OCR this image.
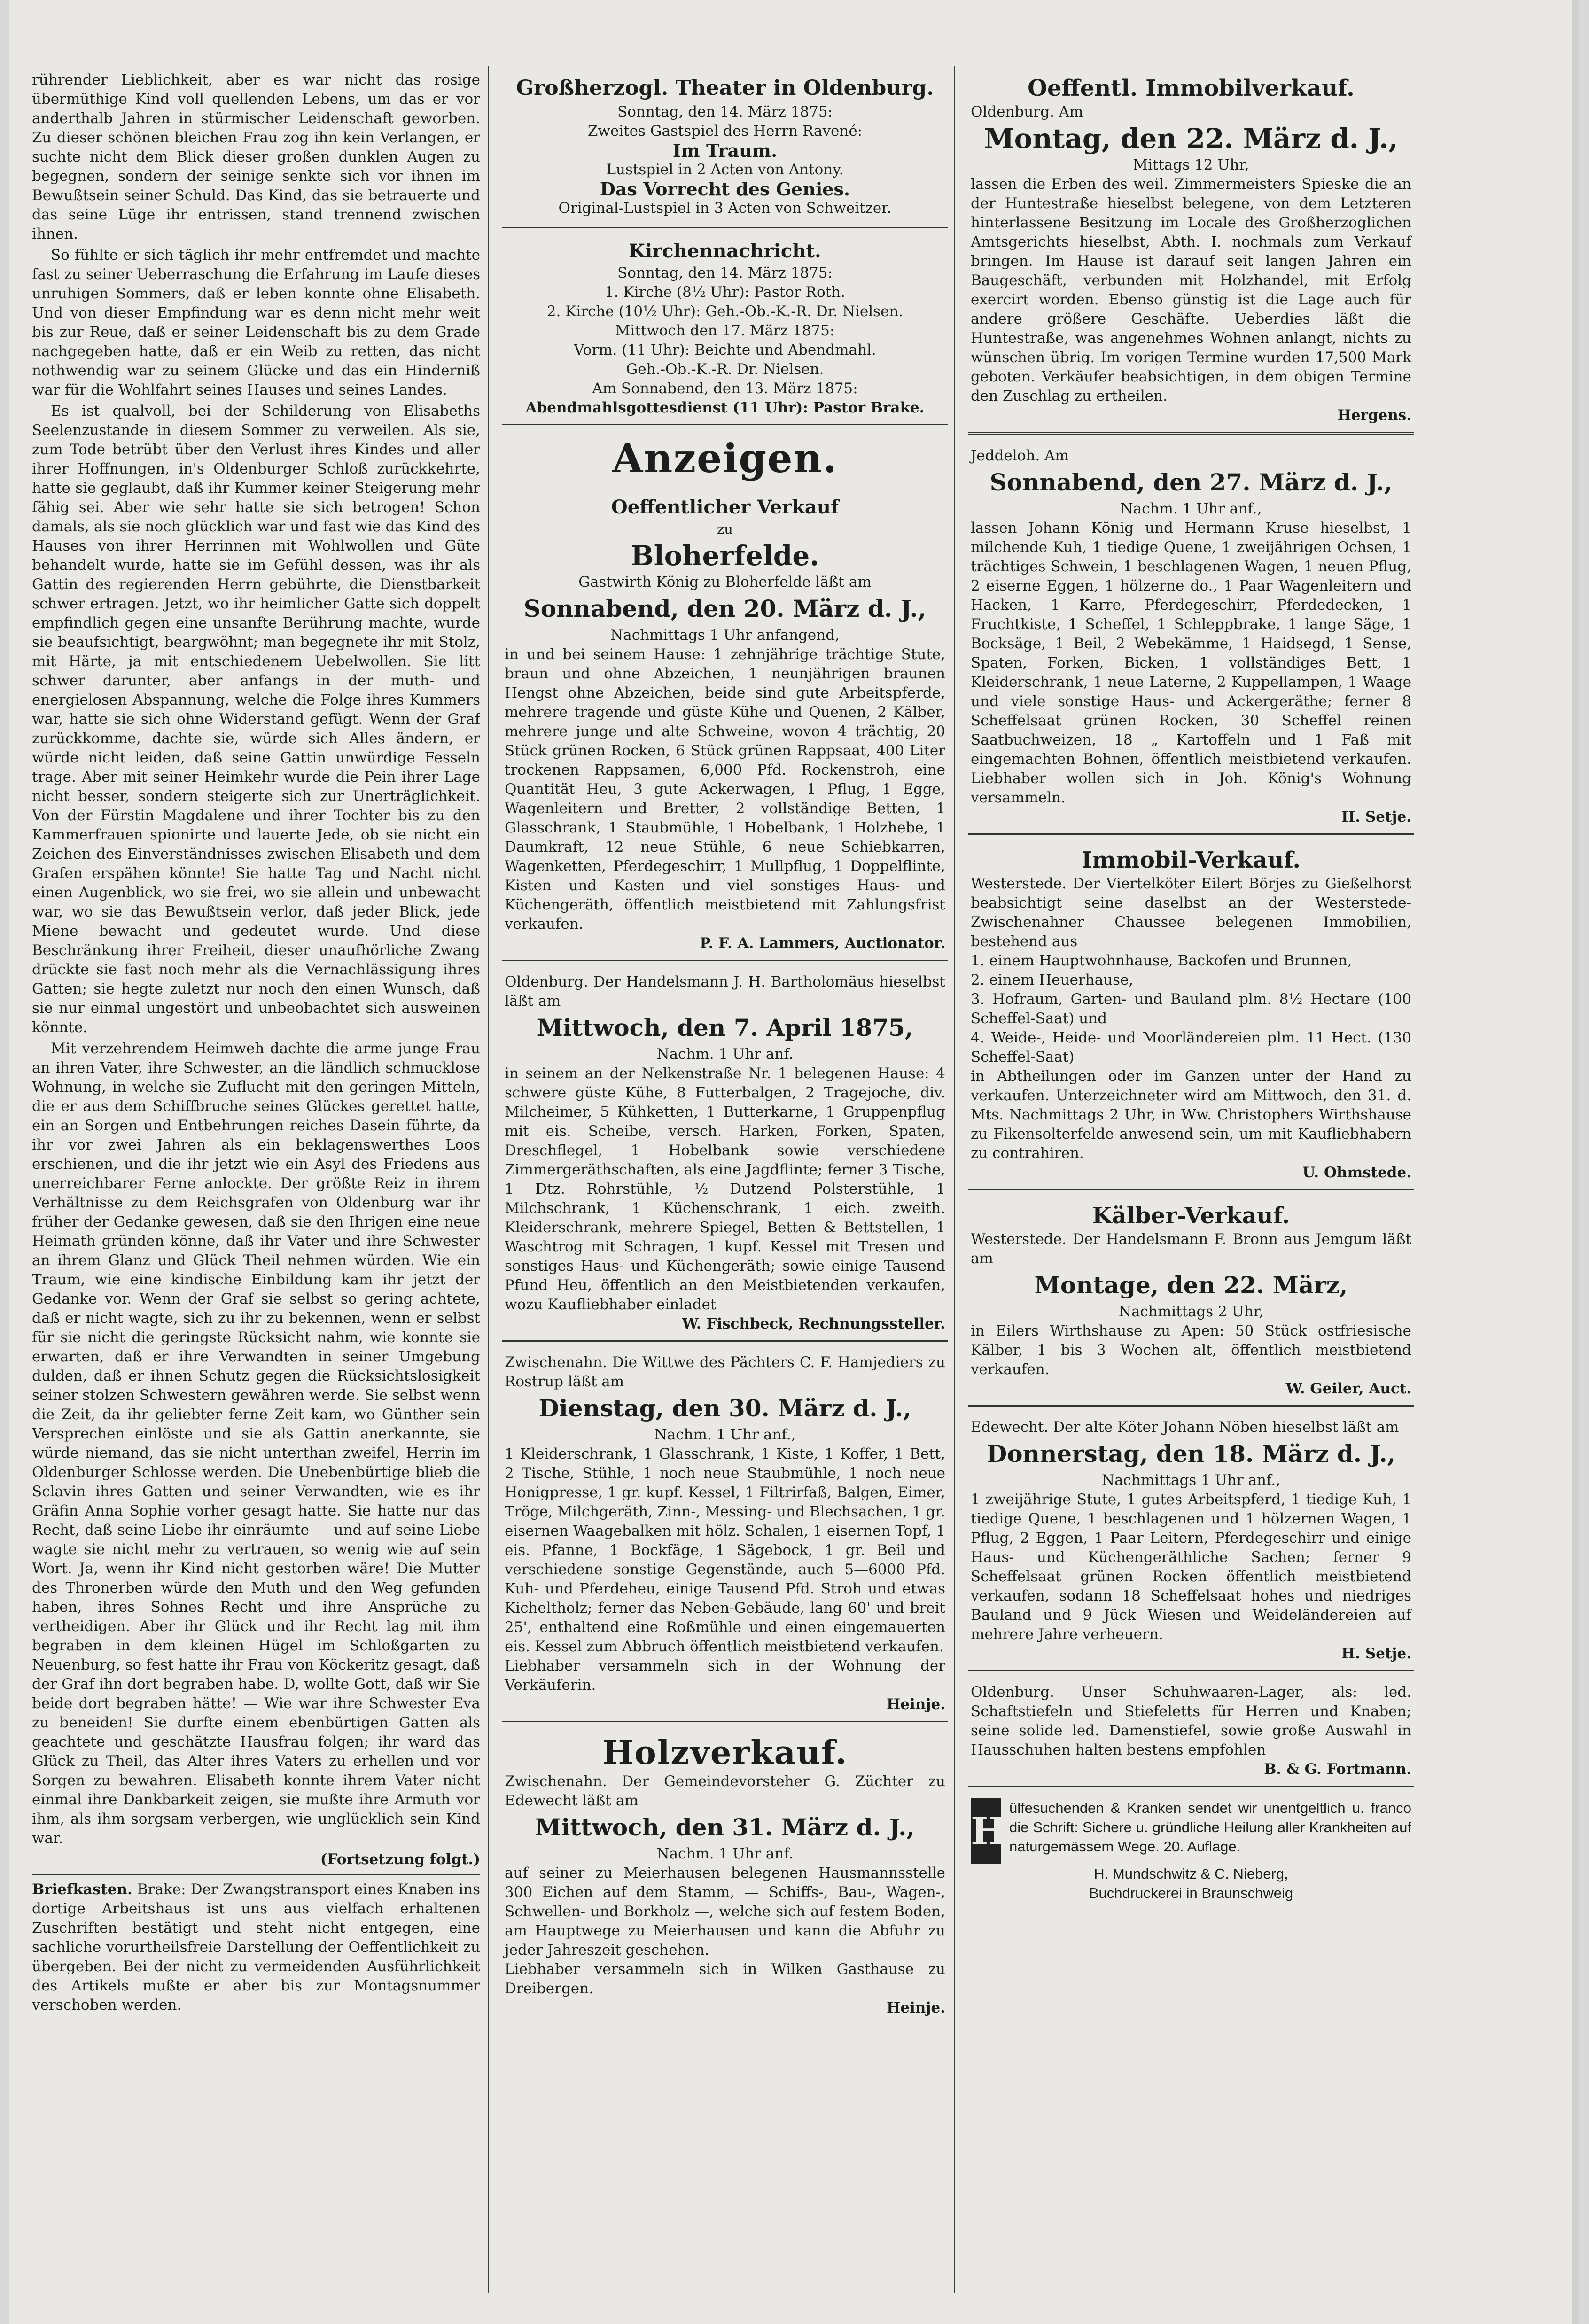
rührender Lieblichkeit, aber es war nicht das rosige übermüthige Kind voll quellenden Lebens, um das er vor anderthalb Jahren in stürmischer Leidenschaft geworben. Zu dieser schönen bleichen Frau zog ihn kein Verlangen, er suchte nicht dem Blick dieser großen dunklen Augen zu begegnen, sondern der seinige senkte sich vor ihnen im Bewußtsein seiner Schuld. Das Kind, das sie betrauerte und das seine Lüge ihr entrissen, stand trennend zwischen ihnen.

So fühlte er sich täglich ihr mehr entfremdet und machte fast zu seiner Ueberraschung die Erfahrung im Laufe dieses unruhigen Sommers, daß er leben konnte ohne Elisabeth. Und von dieser Empfindung war es denn nicht mehr weit bis zur Reue, daß er seiner Leidenschaft bis zu dem Grade nachgegeben hatte, daß er ein Weib zu retten, das nicht nothwendig war zu seinem Glücke und das ein Hinderniß war für die Wohlfahrt seines Hauses und seines Landes.

Es ist qualvoll, bei der Schilderung von Elisabeths Seelenzustande in diesem Sommer zu verweilen. Als sie, zum Tode betrübt über den Verlust ihres Kindes und aller ihrer Hoffnungen, in's Oldenburger Schloß zurückkehrte, hatte sie geglaubt, daß ihr Kummer keiner Steigerung mehr fähig sei. Aber wie sehr hatte sie sich betrogen! Schon damals, als sie noch glücklich war und fast wie das Kind des Hauses von ihrer Herrinnen mit Wohlwollen und Güte behandelt wurde, hatte sie im Gefühl dessen, was ihr als Gattin des regierenden Herrn gebührte, die Dienstbarkeit schwer ertragen. Jetzt, wo ihr heimlicher Gatte sich doppelt empfindlich gegen eine unsanfte Berührung machte, wurde sie beaufsichtigt, beargwöhnt; man begegnete ihr mit Stolz, mit Härte, ja mit entschiedenem Uebelwollen. Sie litt schwer darunter, aber anfangs in der muth- und energielosen Abspannung, welche die Folge ihres Kummers war, hatte sie sich ohne Widerstand gefügt. Wenn der Graf zurückkomme, dachte sie, würde sich Alles ändern, er würde nicht leiden, daß seine Gattin unwürdige Fesseln trage. Aber mit seiner Heimkehr wurde die Pein ihrer Lage nicht besser, sondern steigerte sich zur Unerträglichkeit. Von der Fürstin Magdalene und ihrer Tochter bis zu den Kammerfrauen spionirte und lauerte Jede, ob sie nicht ein Zeichen des Einverständnisses zwischen Elisabeth und dem Grafen erspähen könnte! Sie hatte Tag und Nacht nicht einen Augenblick, wo sie frei, wo sie allein und unbewacht war, wo sie das Bewußtsein verlor, daß jeder Blick, jede Miene bewacht und gedeutet wurde. Und diese Beschränkung ihrer Freiheit, dieser unaufhörliche Zwang drückte sie fast noch mehr als die Vernachlässigung ihres Gatten; sie hegte zuletzt nur noch den einen Wunsch, daß sie nur einmal ungestört und unbeobachtet sich ausweinen könnte.

Mit verzehrendem Heimweh dachte die arme junge Frau an ihren Vater, ihre Schwester, an die ländlich schmucklose Wohnung, in welche sie Zuflucht mit den geringen Mitteln, die er aus dem Schiffbruche seines Glückes gerettet hatte, ein an Sorgen und Entbehrungen reiches Dasein führte, da ihr vor zwei Jahren als ein beklagenswerthes Loos erschienen, und die ihr jetzt wie ein Asyl des Friedens aus unerreichbarer Ferne anlockte. Der größte Reiz in ihrem Verhältnisse zu dem Reichsgrafen von Oldenburg war ihr früher der Gedanke gewesen, daß sie den Ihrigen eine neue Heimath gründen könne, daß ihr Vater und ihre Schwester an ihrem Glanz und Glück Theil nehmen würden. Wie ein Traum, wie eine kindische Einbildung kam ihr jetzt der Gedanke vor. Wenn der Graf sie selbst so gering achtete, daß er nicht wagte, sich zu ihr zu bekennen, wenn er selbst für sie nicht die geringste Rücksicht nahm, wie konnte sie erwarten, daß er ihre Verwandten in seiner Umgebung dulden, daß er ihnen Schutz gegen die Rücksichtslosigkeit seiner stolzen Schwestern gewähren werde. Sie selbst wenn die Zeit, da ihr geliebter ferne Zeit kam, wo Günther sein Versprechen einlöste und sie als Gattin anerkannte, sie würde niemand, das sie nicht unterthan zweifel, Herrin im Oldenburger Schlosse werden. Die Unebenbürtige blieb die Sclavin ihres Gatten und seiner Verwandten, wie es ihr Gräfin Anna Sophie vorher gesagt hatte. Sie hatte nur das Recht, daß seine Liebe ihr einräumte — und auf seine Liebe wagte sie nicht mehr zu vertrauen, so wenig wie auf sein Wort. Ja, wenn ihr Kind nicht gestorben wäre! Die Mutter des Thronerben würde den Muth und den Weg gefunden haben, ihres Sohnes Recht und ihre Ansprüche zu vertheidigen. Aber ihr Glück und ihr Recht lag mit ihm begraben in dem kleinen Hügel im Schloßgarten zu Neuenburg, so fest hatte ihr Frau von Köckeritz gesagt, daß der Graf ihn dort begraben habe. D, wollte Gott, daß wir Sie beide dort begraben hätte! — Wie war ihre Schwester Eva zu beneiden! Sie durfte einem ebenbürtigen Gatten als geachtete und geschätzte Hausfrau folgen; ihr ward das Glück zu Theil, das Alter ihres Vaters zu erhellen und vor Sorgen zu bewahren. Elisabeth konnte ihrem Vater nicht einmal ihre Dankbarkeit zeigen, sie mußte ihre Armuth vor ihm, als ihm sorgsam verbergen, wie unglücklich sein Kind war.

(Fortsetzung folgt.)
Briefkasten. Brake: Der Zwangstransport eines Knaben ins dortige Arbeitshaus ist uns aus vielfach erhaltenen Zuschriften bestätigt und steht nicht entgegen, eine sachliche vorurtheilsfreie Darstellung der Oeffentlichkeit zu übergeben. Bei der nicht zu vermeidenden Ausführlichkeit des Artikels mußte er aber bis zur Montagsnummer verschoben werden.
Großherzogl. Theater in Oldenburg.
Sonntag, den 14. März 1875:
Zweites Gastspiel des Herrn Ravené:
Im Traum.
Lustspiel in 2 Acten von Antony.
Das Vorrecht des Genies.
Original-Lustspiel in 3 Acten von Schweitzer.
Kirchennachricht.
Sonntag, den 14. März 1875:
1. Kirche (8½ Uhr): Pastor Roth.
2. Kirche (10½ Uhr): Geh.-Ob.-K.-R. Dr. Nielsen.
Mittwoch den 17. März 1875:
Vorm. (11 Uhr): Beichte und Abendmahl.
Geh.-Ob.-K.-R. Dr. Nielsen.
Am Sonnabend, den 13. März 1875:
Abendmahlsgottesdienst (11 Uhr): Pastor Brake.
Anzeigen.
Oeffentlicher Verkauf
zu
Bloherfelde.
Gastwirth König zu Bloherfelde läßt am
Sonnabend, den 20. März d. J.,
Nachmittags 1 Uhr anfangend,
in und bei seinem Hause: 1 zehnjährige trächtige Stute, braun und ohne Abzeichen, 1 neunjährigen braunen Hengst ohne Abzeichen, beide sind gute Arbeitspferde, mehrere tragende und güste Kühe und Quenen, 2 Kälber, mehrere junge und alte Schweine, wovon 4 trächtig, 20 Stück grünen Rocken, 6 Stück grünen Rappsaat, 400 Liter trockenen Rappsamen, 6,000 Pfd. Rockenstroh, eine Quantität Heu, 3 gute Ackerwagen, 1 Pflug, 1 Egge, Wagenleitern und Bretter, 2 vollständige Betten, 1 Glasschrank, 1 Staubmühle, 1 Hobelbank, 1 Holzhebe, 1 Daumkraft, 12 neue Stühle, 6 neue Schiebkarren, Wagenketten, Pferdegeschirr, 1 Mullpflug, 1 Doppelflinte, Kisten und Kasten und viel sonstiges Haus- und Küchengeräth, öffentlich meistbietend mit Zahlungsfrist verkaufen.
P. F. A. Lammers, Auctionator.
Oldenburg. Der Handelsmann J. H. Bartholomäus hieselbst läßt am
Mittwoch, den 7. April 1875,
Nachm. 1 Uhr anf.
in seinem an der Nelkenstraße Nr. 1 belegenen Hause: 4 schwere güste Kühe, 8 Futterbalgen, 2 Tragejoche, div. Milcheimer, 5 Kühketten, 1 Butterkarne, 1 Gruppenpflug mit eis. Scheibe, versch. Harken, Forken, Spaten, Dreschflegel, 1 Hobelbank sowie verschiedene Zimmergeräthschaften, als eine Jagdflinte; ferner 3 Tische, 1 Dtz. Rohrstühle, ½ Dutzend Polsterstühle, 1 Milchschrank, 1 Küchenschrank, 1 eich. zweith. Kleiderschrank, mehrere Spiegel, Betten & Bettstellen, 1 Waschtrog mit Schragen, 1 kupf. Kessel mit Tresen und sonstiges Haus- und Küchengeräth; sowie einige Tausend Pfund Heu, öffentlich an den Meistbietenden verkaufen, wozu Kaufliebhaber einladet
W. Fischbeck, Rechnungssteller.
Zwischenahn. Die Wittwe des Pächters C. F. Hamjediers zu Rostrup läßt am
Dienstag, den 30. März d. J.,
Nachm. 1 Uhr anf.,
1 Kleiderschrank, 1 Glasschrank, 1 Kiste, 1 Koffer, 1 Bett, 2 Tische, Stühle, 1 noch neue Staubmühle, 1 noch neue Honigpresse, 1 gr. kupf. Kessel, 1 Filtrirfaß, Balgen, Eimer, Tröge, Milchgeräth, Zinn-, Messing- und Blechsachen, 1 gr. eisernen Waagebalken mit hölz. Schalen, 1 eisernen Topf, 1 eis. Pfanne, 1 Bockfäge, 1 Sägebock, 1 gr. Beil und verschiedene sonstige Gegenstände, auch 5—6000 Pfd. Kuh- und Pferdeheu, einige Tausend Pfd. Stroh und etwas Kicheltholz; ferner das Neben-Gebäude, lang 60' und breit 25', enthaltend eine Roßmühle und einen eingemauerten eis. Kessel zum Abbruch öffentlich meistbietend verkaufen.
Liebhaber versammeln sich in der Wohnung der Verkäuferin.
Heinje.
Holzverkauf.
Zwischenahn. Der Gemeindevorsteher G. Züchter zu Edewecht läßt am
Mittwoch, den 31. März d. J.,
Nachm. 1 Uhr anf.
auf seiner zu Meierhausen belegenen Hausmannsstelle 300 Eichen auf dem Stamm, — Schiffs-, Bau-, Wagen-, Schwellen- und Borkholz —, welche sich auf festem Boden, am Hauptwege zu Meierhausen und kann die Abfuhr zu jeder Jahreszeit geschehen.
Liebhaber versammeln sich in Wilken Gasthause zu Dreibergen.
Heinje.
Oeffentl. Immobilverkauf.
Oldenburg. Am
Montag, den 22. März d. J.,
Mittags 12 Uhr,
lassen die Erben des weil. Zimmermeisters Spieske die an der Huntestraße hieselbst belegene, von dem Letzteren hinterlassene Besitzung im Locale des Großherzoglichen Amtsgerichts hieselbst, Abth. I. nochmals zum Verkauf bringen. Im Hause ist darauf seit langen Jahren ein Baugeschäft, verbunden mit Holzhandel, mit Erfolg exercirt worden. Ebenso günstig ist die Lage auch für andere größere Geschäfte. Ueberdies läßt die Huntestraße, was angenehmes Wohnen anlangt, nichts zu wünschen übrig. Im vorigen Termine wurden 17,500 Mark geboten. Verkäufer beabsichtigen, in dem obigen Termine den Zuschlag zu ertheilen.
Hergens.
Jeddeloh. Am
Sonnabend, den 27. März d. J.,
Nachm. 1 Uhr anf.,
lassen Johann König und Hermann Kruse hieselbst, 1 milchende Kuh, 1 tiedige Quene, 1 zweijährigen Ochsen, 1 trächtiges Schwein, 1 beschlagenen Wagen, 1 neuen Pflug, 2 eiserne Eggen, 1 hölzerne do., 1 Paar Wagenleitern und Hacken, 1 Karre, Pferdegeschirr, Pferdedecken, 1 Fruchtkiste, 1 Scheffel, 1 Schleppbrake, 1 lange Säge, 1 Bocksäge, 1 Beil, 2 Webekämme, 1 Haidsegd, 1 Sense, Spaten, Forken, Bicken, 1 vollständiges Bett, 1 Kleiderschrank, 1 neue Laterne, 2 Kuppellampen, 1 Waage und viele sonstige Haus- und Ackergeräthe; ferner 8 Scheffelsaat grünen Rocken, 30 Scheffel reinen Saatbuchweizen, 18 „ Kartoffeln und 1 Faß mit eingemachten Bohnen, öffentlich meistbietend verkaufen. Liebhaber wollen sich in Joh. König's Wohnung versammeln.
H. Setje.
Immobil-Verkauf.
Westerstede. Der Viertelköter Eilert Börjes zu Gießelhorst beabsichtigt seine daselbst an der Westerstede-Zwischenahner Chaussee belegenen Immobilien, bestehend aus
1. einem Hauptwohnhause, Backofen und Brunnen,
2. einem Heuerhause,
3. Hofraum, Garten- und Bauland plm. 8½ Hectare (100 Scheffel-Saat) und
4. Weide-, Heide- und Moorländereien plm. 11 Hect. (130 Scheffel-Saat)
in Abtheilungen oder im Ganzen unter der Hand zu verkaufen. Unterzeichneter wird am Mittwoch, den 31. d. Mts. Nachmittags 2 Uhr, in Ww. Christophers Wirthshause zu Fikensolterfelde anwesend sein, um mit Kaufliebhabern zu contrahiren.
U. Ohmstede.
Kälber-Verkauf.
Westerstede. Der Handelsmann F. Bronn aus Jemgum läßt am
Montage, den 22. März,
Nachmittags 2 Uhr,
in Eilers Wirthshause zu Apen: 50 Stück ostfriesische Kälber, 1 bis 3 Wochen alt, öffentlich meistbietend verkaufen.
W. Geiler, Auct.
Edewecht. Der alte Köter Johann Nöben hieselbst läßt am
Donnerstag, den 18. März d. J.,
Nachmittags 1 Uhr anf.,
1 zweijährige Stute, 1 gutes Arbeitspferd, 1 tiedige Kuh, 1 tiedige Quene, 1 beschlagenen und 1 hölzernen Wagen, 1 Pflug, 2 Eggen, 1 Paar Leitern, Pferdegeschirr und einige Haus- und Küchengeräthliche Sachen; ferner 9 Scheffelsaat grünen Rocken öffentlich meistbietend verkaufen, sodann 18 Scheffelsaat hohes und niedriges Bauland und 9 Jück Wiesen und Weideländereien auf mehrere Jahre verheuern.
H. Setje.
Oldenburg. Unser Schuhwaaren-Lager, als: led. Schaftstiefeln und Stiefeletts für Herren und Knaben; seine solide led. Damenstiefel, sowie große Auswahl in Hausschuhen halten bestens empfohlen
B. & G. Fortmann.
H
ülfesuchenden & Kranken sendet wir unentgeltlich u. franco die Schrift: Sichere u. gründliche Heilung aller Krankheiten auf naturgemässem Wege. 20. Auflage.
H. Mundschwitz & C. Nieberg,
Buchdruckerei in Braunschweig
